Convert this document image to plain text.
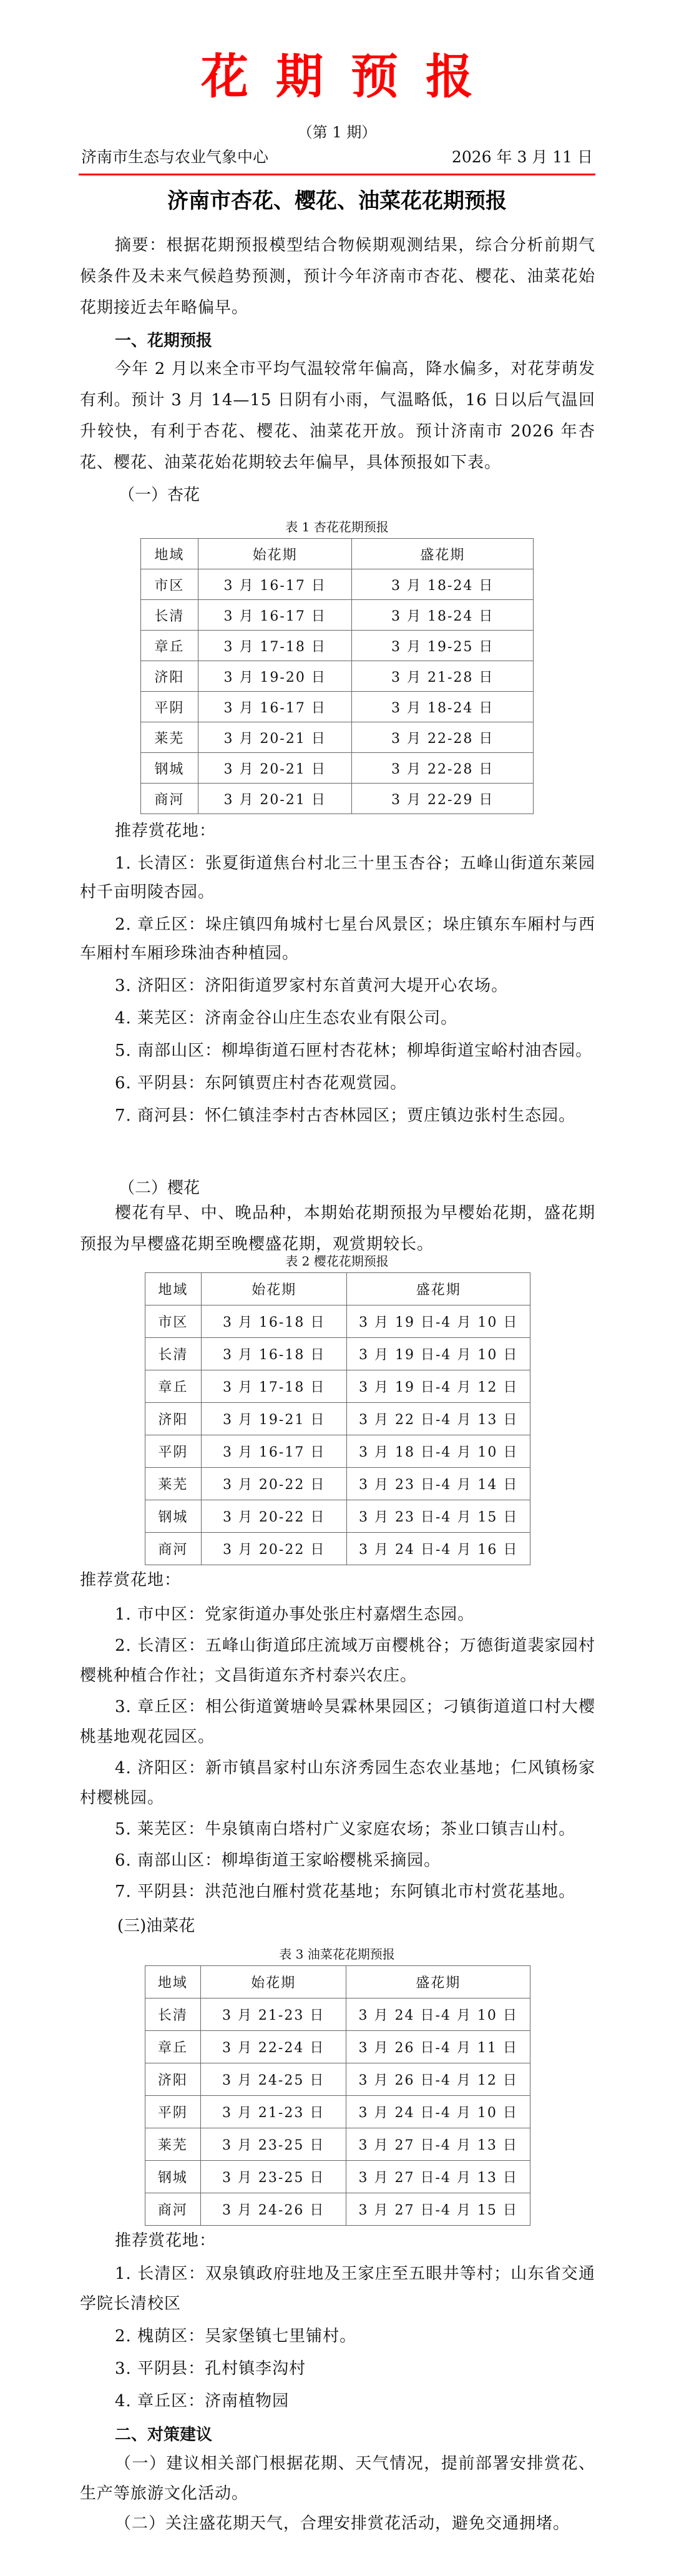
花期预报
（第 1 期）
济南市生态与农业气象中心	2026 年 3 月 11 日
济南市杏花、樱花、油菜花花期预报
摘要：根据花期预报模型结合物候期观测结果，综合分析前期气候条件及未来气候趋势预测，预计今年济南市杏花、樱花、油菜花始花期接近去年略偏早。
一、花期预报
今年 2 月以来全市平均气温较常年偏高，降水偏多，对花芽萌发有利。预计 3 月 14—15 日阴有小雨，气温略低，16 日以后气温回升较快，有利于杏花、樱花、油菜花开放。预计济南市 2026 年杏花、樱花、油菜花始花期较去年偏早，具体预报如下表。
（一）杏花
表 1 杏花花期预报
地域	始花期	盛花期
市区	3 月 16-17 日	3 月 18-24 日
长清	3 月 16-17 日	3 月 18-24 日
章丘	3 月 17-18 日	3 月 19-25 日
济阳	3 月 19-20 日	3 月 21-28 日
平阴	3 月 16-17 日	3 月 18-24 日
莱芜	3 月 20-21 日	3 月 22-28 日
钢城	3 月 20-21 日	3 月 22-28 日
商河	3 月 20-21 日	3 月 22-29 日
推荐赏花地：
1. 长清区：张夏街道焦台村北三十里玉杏谷；五峰山街道东莱园村千亩明陵杏园。
2. 章丘区：垛庄镇四角城村七星台风景区；垛庄镇东车厢村与西车厢村车厢珍珠油杏种植园。
3. 济阳区：济阳街道罗家村东首黄河大堤开心农场。
4. 莱芜区：济南金谷山庄生态农业有限公司。
5. 南部山区：柳埠街道石匣村杏花林；柳埠街道宝峪村油杏园。
6. 平阴县：东阿镇贾庄村杏花观赏园。
7. 商河县：怀仁镇洼李村古杏林园区；贾庄镇边张村生态园。
（二）樱花
樱花有早、中、晚品种，本期始花期预报为早樱始花期，盛花期预报为早樱盛花期至晚樱盛花期，观赏期较长。
表 2 樱花花期预报
地域	始花期	盛花期
市区	3 月 16-18 日	3 月 19 日-4 月 10 日
长清	3 月 16-18 日	3 月 19 日-4 月 10 日
章丘	3 月 17-18 日	3 月 19 日-4 月 12 日
济阳	3 月 19-21 日	3 月 22 日-4 月 13 日
平阴	3 月 16-17 日	3 月 18 日-4 月 10 日
莱芜	3 月 20-22 日	3 月 23 日-4 月 14 日
钢城	3 月 20-22 日	3 月 23 日-4 月 15 日
商河	3 月 20-22 日	3 月 24 日-4 月 16 日
推荐赏花地：
1. 市中区：党家街道办事处张庄村嘉熠生态园。
2. 长清区：五峰山街道邱庄流域万亩樱桃谷；万德街道裴家园村樱桃种植合作社；文昌街道东齐村泰兴农庄。
3. 章丘区：相公街道黉塘岭昊霖林果园区；刁镇街道道口村大樱桃基地观花园区。
4. 济阳区：新市镇昌家村山东济秀园生态农业基地；仁风镇杨家村樱桃园。
5. 莱芜区：牛泉镇南白塔村广义家庭农场；茶业口镇吉山村。
6. 南部山区：柳埠街道王家峪樱桃采摘园。
7. 平阴县：洪范池白雁村赏花基地；东阿镇北市村赏花基地。
(三)油菜花
表 3 油菜花花期预报
地域	始花期	盛花期
长清	3 月 21-23 日	3 月 24 日-4 月 10 日
章丘	3 月 22-24 日	3 月 26 日-4 月 11 日
济阳	3 月 24-25 日	3 月 26 日-4 月 12 日
平阴	3 月 21-23 日	3 月 24 日-4 月 10 日
莱芜	3 月 23-25 日	3 月 27 日-4 月 13 日
钢城	3 月 23-25 日	3 月 27 日-4 月 13 日
商河	3 月 24-26 日	3 月 27 日-4 月 15 日
推荐赏花地：
1. 长清区：双泉镇政府驻地及王家庄至五眼井等村；山东省交通学院长清校区
2. 槐荫区：吴家堡镇七里铺村。
3. 平阴县：孔村镇李沟村
4. 章丘区：济南植物园
二、对策建议
（一）建议相关部门根据花期、天气情况，提前部署安排赏花、生产等旅游文化活动。
（二）关注盛花期天气，合理安排赏花活动，避免交通拥堵。
